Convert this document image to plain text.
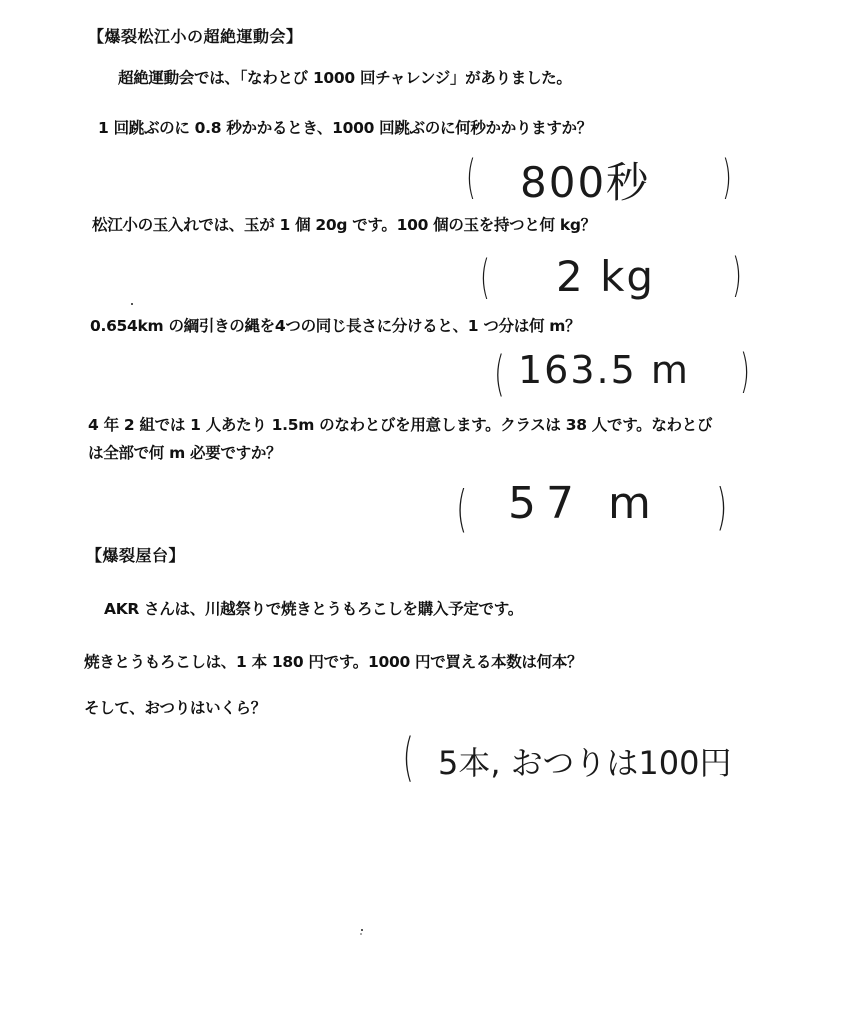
【爆裂松江小の超絶運動会】
超絶運動会では、「なわとび 1000 回チャレンジ」がありました。
1 回跳ぶのに 0.8 秒かかるとき、1000 回跳ぶのに何秒かかりますか？
( 800秒 )
松江小の玉入れでは、玉が 1 個 20g です。100 個の玉を持つと何 kg？
( 2 kg )
0.654km の綱引きの縄を4つの同じ長さに分けると、1 つ分は何 m？
( 163.5 m )
4 年 2 組では 1 人あたり 1.5m のなわとびを用意します。クラスは 38 人です。なわとび
は全部で何 m 必要ですか？
( 57 m )
【爆裂屋台】
AKR さんは、川越祭りで焼きとうもろこしを購入予定です。
焼きとうもろこしは、1 本 180 円です。1000 円で買える本数は何本？
そして、おつりはいくら？
( 5本, おつりは100円
